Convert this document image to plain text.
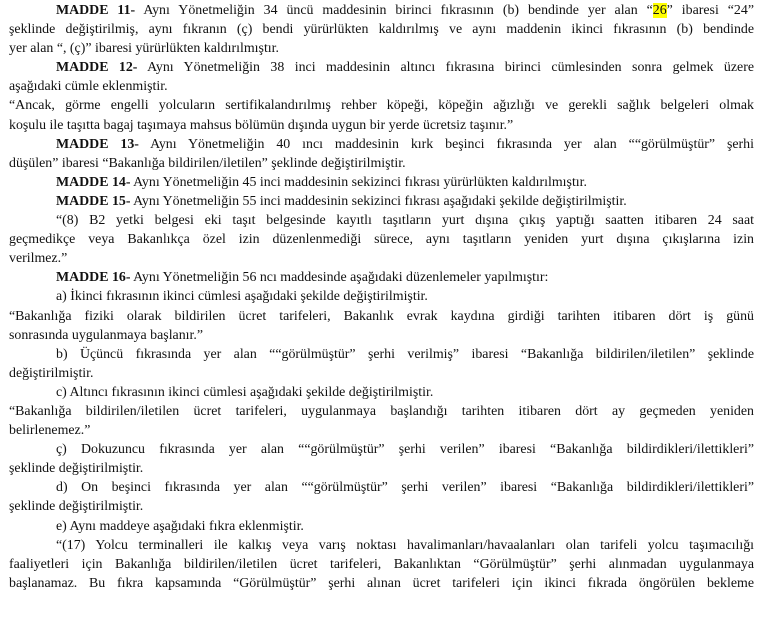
MADDE 11- Aynı Yönetmeliğin 34 üncü maddesinin birinci fıkrasının (b) bendinde yer alan “26” ibaresi “24”
şeklinde değiştirilmiş, aynı fıkranın (ç) bendi yürürlükten kaldırılmış ve aynı maddenin ikinci fıkrasının (b) bendinde
yer alan “, (ç)” ibaresi yürürlükten kaldırılmıştır.
MADDE 12- Aynı Yönetmeliğin 38 inci maddesinin altıncı fıkrasına birinci cümlesinden sonra gelmek üzere
aşağıdaki cümle eklenmiştir.
“Ancak, görme engelli yolcuların sertifikalandırılmış rehber köpeği, köpeğin ağızlığı ve gerekli sağlık belgeleri olmak
koşulu ile taşıtta bagaj taşımaya mahsus bölümün dışında uygun bir yerde ücretsiz taşınır.”
MADDE 13- Aynı Yönetmeliğin 40 ıncı maddesinin kırk beşinci fıkrasında yer alan ““görülmüştür” şerhi
düşülen” ibaresi “Bakanlığa bildirilen/iletilen” şeklinde değiştirilmiştir.
MADDE 14- Aynı Yönetmeliğin 45 inci maddesinin sekizinci fıkrası yürürlükten kaldırılmıştır.
MADDE 15- Aynı Yönetmeliğin 55 inci maddesinin sekizinci fıkrası aşağıdaki şekilde değiştirilmiştir.
“(8) B2 yetki belgesi eki taşıt belgesinde kayıtlı taşıtların yurt dışına çıkış yaptığı saatten itibaren 24 saat
geçmedikçe veya Bakanlıkça özel izin düzenlenmediği sürece, aynı taşıtların yeniden yurt dışına çıkışlarına izin
verilmez.”
MADDE 16- Aynı Yönetmeliğin 56 ncı maddesinde aşağıdaki düzenlemeler yapılmıştır:
a) İkinci fıkrasının ikinci cümlesi aşağıdaki şekilde değiştirilmiştir.
“Bakanlığa fiziki olarak bildirilen ücret tarifeleri, Bakanlık evrak kaydına girdiği tarihten itibaren dört iş günü
sonrasında uygulanmaya başlanır.”
b) Üçüncü fıkrasında yer alan ““görülmüştür” şerhi verilmiş” ibaresi “Bakanlığa bildirilen/iletilen” şeklinde
değiştirilmiştir.
c) Altıncı fıkrasının ikinci cümlesi aşağıdaki şekilde değiştirilmiştir.
“Bakanlığa bildirilen/iletilen ücret tarifeleri, uygulanmaya başlandığı tarihten itibaren dört ay geçmeden yeniden
belirlenemez.”
ç) Dokuzuncu fıkrasında yer alan ““görülmüştür” şerhi verilen” ibaresi “Bakanlığa bildirdikleri/ilettikleri”
şeklinde değiştirilmiştir.
d) On beşinci fıkrasında yer alan ““görülmüştür” şerhi verilen” ibaresi “Bakanlığa bildirdikleri/ilettikleri”
şeklinde değiştirilmiştir.
e) Aynı maddeye aşağıdaki fıkra eklenmiştir.
“(17) Yolcu terminalleri ile kalkış veya varış noktası havalimanları/havaalanları olan tarifeli yolcu taşımacılığı
faaliyetleri için Bakanlığa bildirilen/iletilen ücret tarifeleri, Bakanlıktan “Görülmüştür” şerhi alınmadan uygulanmaya
başlanamaz. Bu fıkra kapsamında “Görülmüştür” şerhi alınan ücret tarifeleri için ikinci fıkrada öngörülen bekleme
